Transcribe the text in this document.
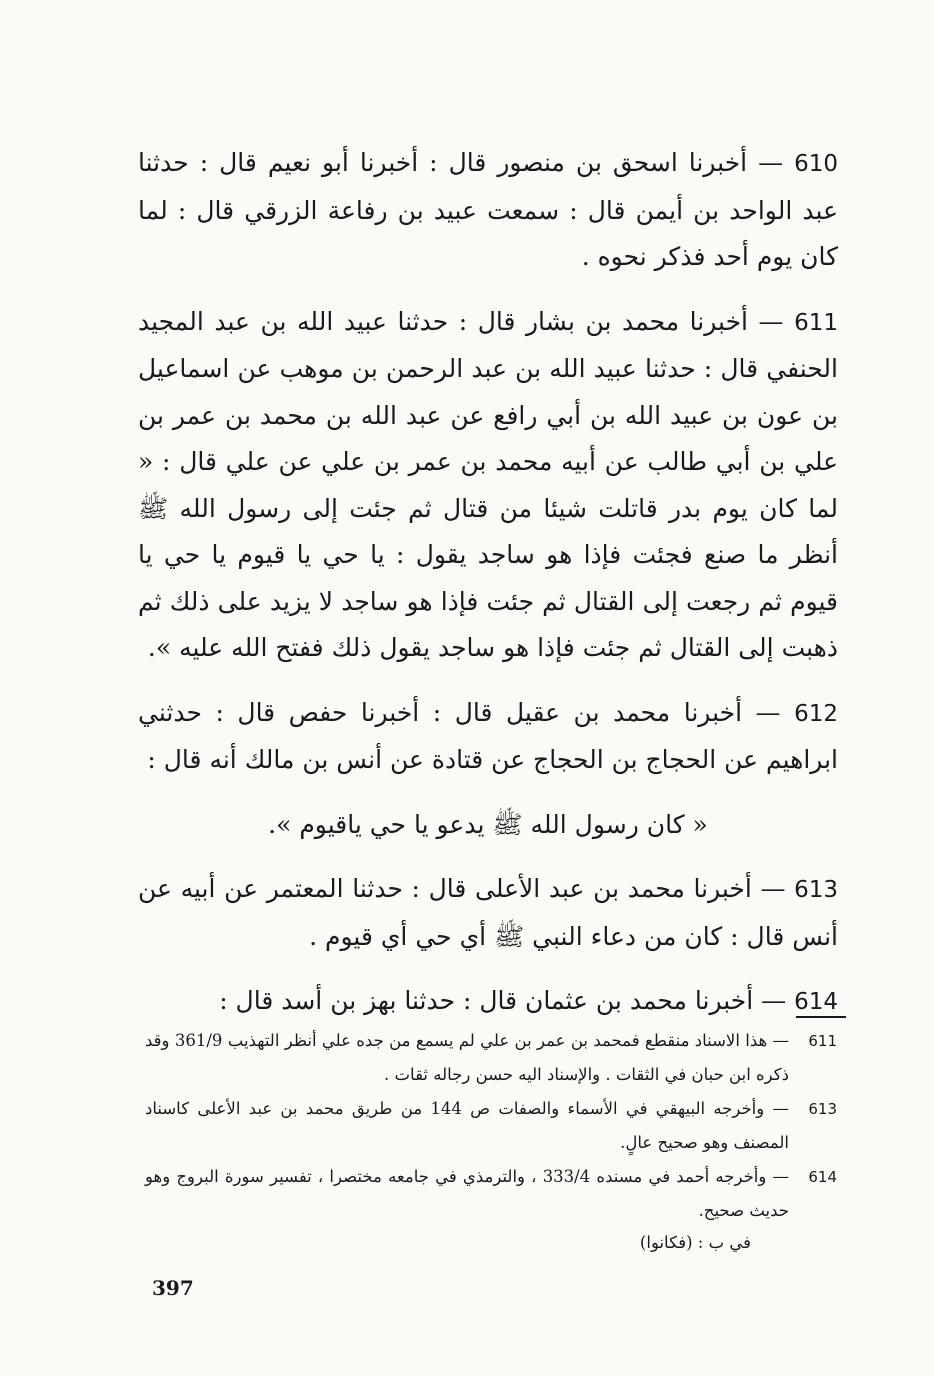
610 — أخبرنا اسحق بن منصور قال : أخبرنا أبو نعيم قال : حدثنا عبد الواحد بن أيمن قال : سمعت عبيد بن رفاعة الزرقي قال : لما كان يوم أحد فذكر نحوه .

611 — أخبرنا محمد بن بشار قال : حدثنا عبيد الله بن عبد المجيد الحنفي قال : حدثنا عبيد الله بن عبد الرحمن بن موهب عن اسماعيل بن عون بن عبيد الله بن أبي رافع عن عبد الله بن محمد بن عمر بن علي بن أبي طالب عن أبيه محمد بن عمر بن علي عن علي قال : « لما كان يوم بدر قاتلت شيئا من قتال ثم جئت إلى رسول الله ﷺ أنظر ما صنع فجئت فإذا هو ساجد يقول : يا حي يا قيوم يا حي يا قيوم ثم رجعت إلى القتال ثم جئت فإذا هو ساجد لا يزيد على ذلك ثم ذهبت إلى القتال ثم جئت فإذا هو ساجد يقول ذلك ففتح الله عليه ».

612 — أخبرنا محمد بن عقيل قال : أخبرنا حفص قال : حدثني ابراهيم عن الحجاج بن الحجاج عن قتادة عن أنس بن مالك أنه قال :

« كان رسول الله ﷺ يدعو يا حي ياقيوم ».

613 — أخبرنا محمد بن عبد الأعلى قال : حدثنا المعتمر عن أبيه عن أنس قال : كان من دعاء النبي ﷺ أي حي أي قيوم .

614 — أخبرنا محمد بن عثمان قال : حدثنا بهز بن أسد قال :

611
— هذا الاسناد منقطع فمحمد بن عمر بن علي لم يسمع من جده علي أنظر التهذيب 361/9 وقد ذكره ابن حبان في الثقات . والإسناد اليه حسن رجاله ثقات .
613
— وأخرجه البيهقي في الأسماء والصفات ص 144 من طريق محمد بن عبد الأعلى كاسناد المصنف وهو صحيح عالٍ.
614
— وأخرجه أحمد في مسنده 333/4 ، والترمذي في جامعه مختصرا ، تفسير سورة البروج وهو حديث صحيح.
في ب : (فكانوا)
397
